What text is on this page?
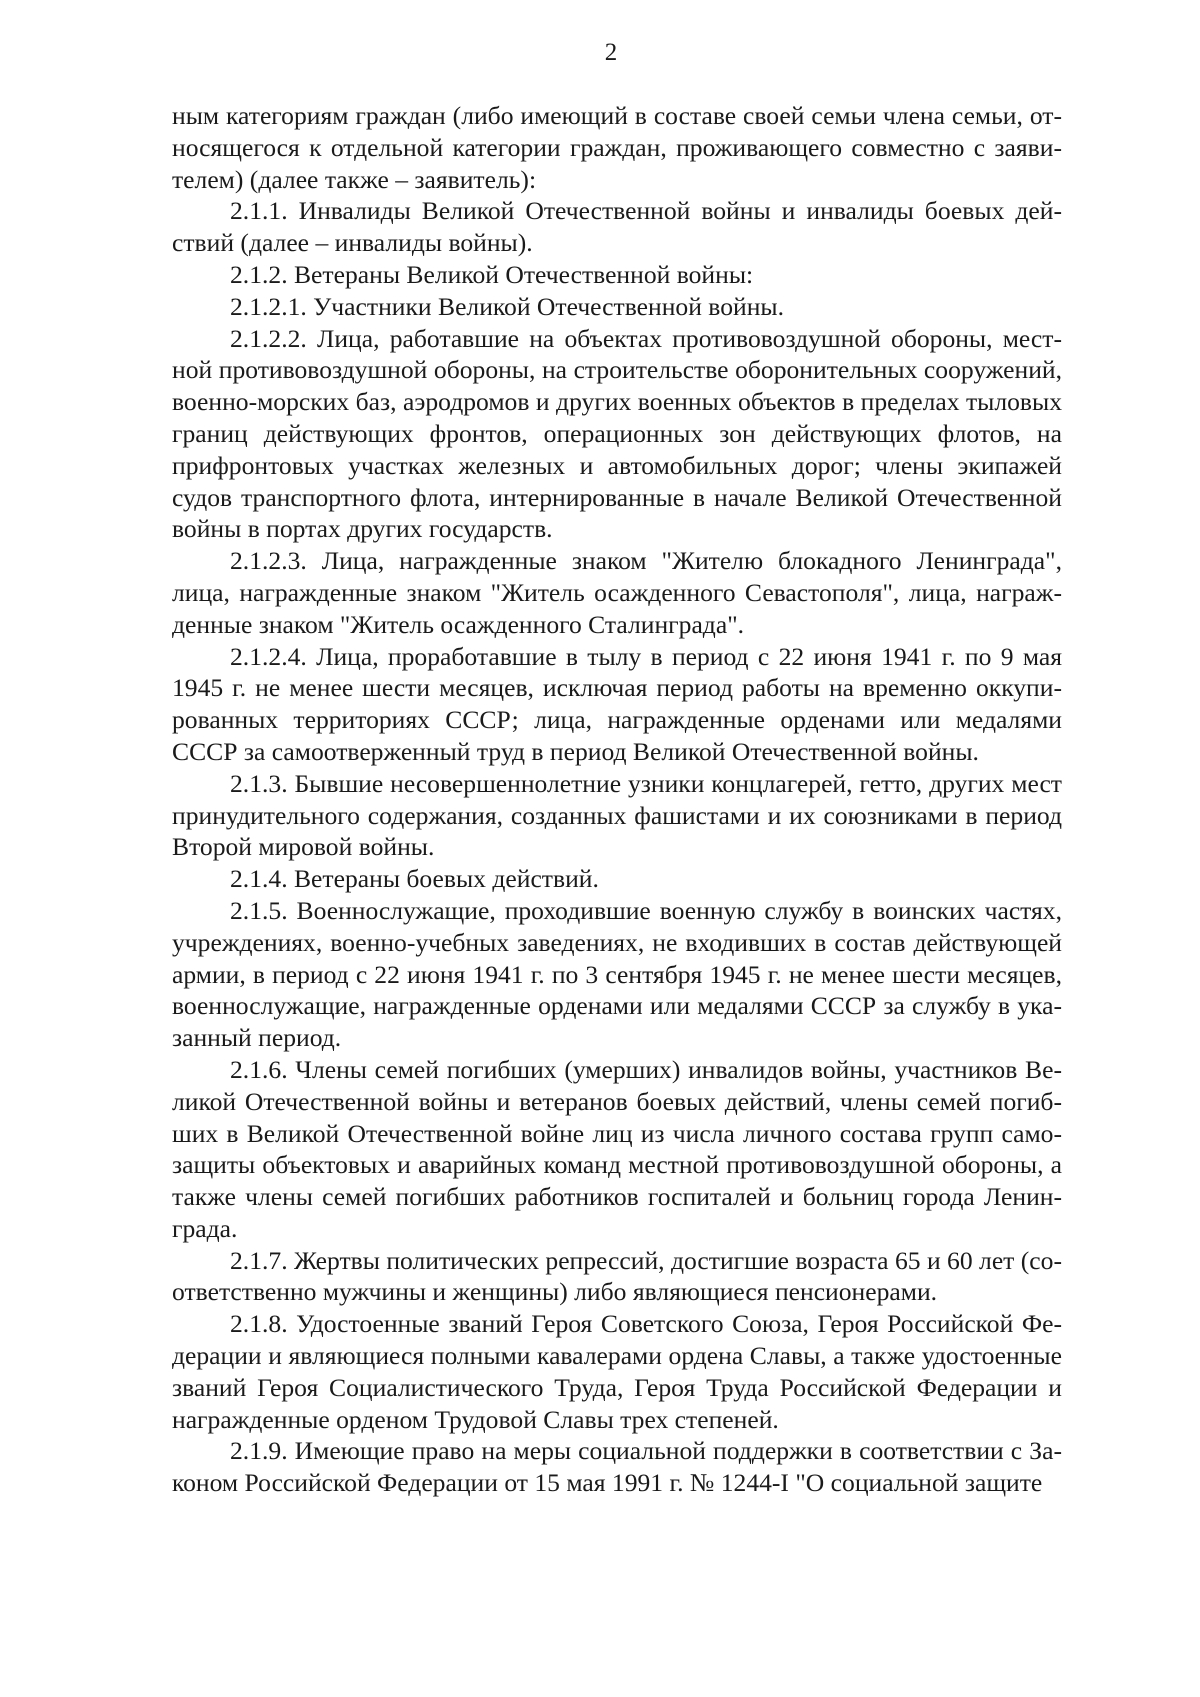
2

ным категориям граждан (либо имеющий в составе своей семьи члена семьи, относящегося к отдельной категории граждан, проживающего совместно с заявителем) (далее также – заявитель):

2.1.1. Инвалиды Великой Отечественной войны и инвалиды боевых действий (далее – инвалиды войны).

2.1.2. Ветераны Великой Отечественной войны:

2.1.2.1. Участники Великой Отечественной войны.

2.1.2.2. Лица, работавшие на объектах противовоздушной обороны, местной противовоздушной обороны, на строительстве оборонительных сооружений, военно-морских баз, аэродромов и других военных объектов в пределах тыловых границ действующих фронтов, операционных зон действующих флотов, на прифронтовых участках железных и автомобильных дорог; члены экипажей судов транспортного флота, интернированные в начале Великой Отечественной войны в портах других государств.

2.1.2.3. Лица, награжденные знаком "Жителю блокадного Ленинграда", лица, награжденные знаком "Житель осажденного Севастополя", лица, награжденные знаком "Житель осажденного Сталинграда".

2.1.2.4. Лица, проработавшие в тылу в период с 22 июня 1941 г. по 9 мая 1945 г. не менее шести месяцев, исключая период работы на временно оккупированных территориях СССР; лица, награжденные орденами или медалями СССР за самоотверженный труд в период Великой Отечественной войны.

2.1.3. Бывшие несовершеннолетние узники концлагерей, гетто, других мест принудительного содержания, созданных фашистами и их союзниками в период Второй мировой войны.

2.1.4. Ветераны боевых действий.

2.1.5. Военнослужащие, проходившие военную службу в воинских частях, учреждениях, военно-учебных заведениях, не входивших в состав действующей армии, в период с 22 июня 1941 г. по 3 сентября 1945 г. не менее шести месяцев, военнослужащие, награжденные орденами или медалями СССР за службу в указанный период.

2.1.6. Члены семей погибших (умерших) инвалидов войны, участников Великой Отечественной войны и ветеранов боевых действий, члены семей погибших в Великой Отечественной войне лиц из числа личного состава групп самозащиты объектовых и аварийных команд местной противовоздушной обороны, а также члены семей погибших работников госпиталей и больниц города Ленинграда.

2.1.7. Жертвы политических репрессий, достигшие возраста 65 и 60 лет (соответственно мужчины и женщины) либо являющиеся пенсионерами.

2.1.8. Удостоенные званий Героя Советского Союза, Героя Российской Федерации и являющиеся полными кавалерами ордена Славы, а также удостоенные званий Героя Социалистического Труда, Героя Труда Российской Федерации и награжденные орденом Трудовой Славы трех степеней.

2.1.9. Имеющие право на меры социальной поддержки в соответствии с Законом Российской Федерации от 15 мая 1991 г. № 1244-I "О социальной защите
